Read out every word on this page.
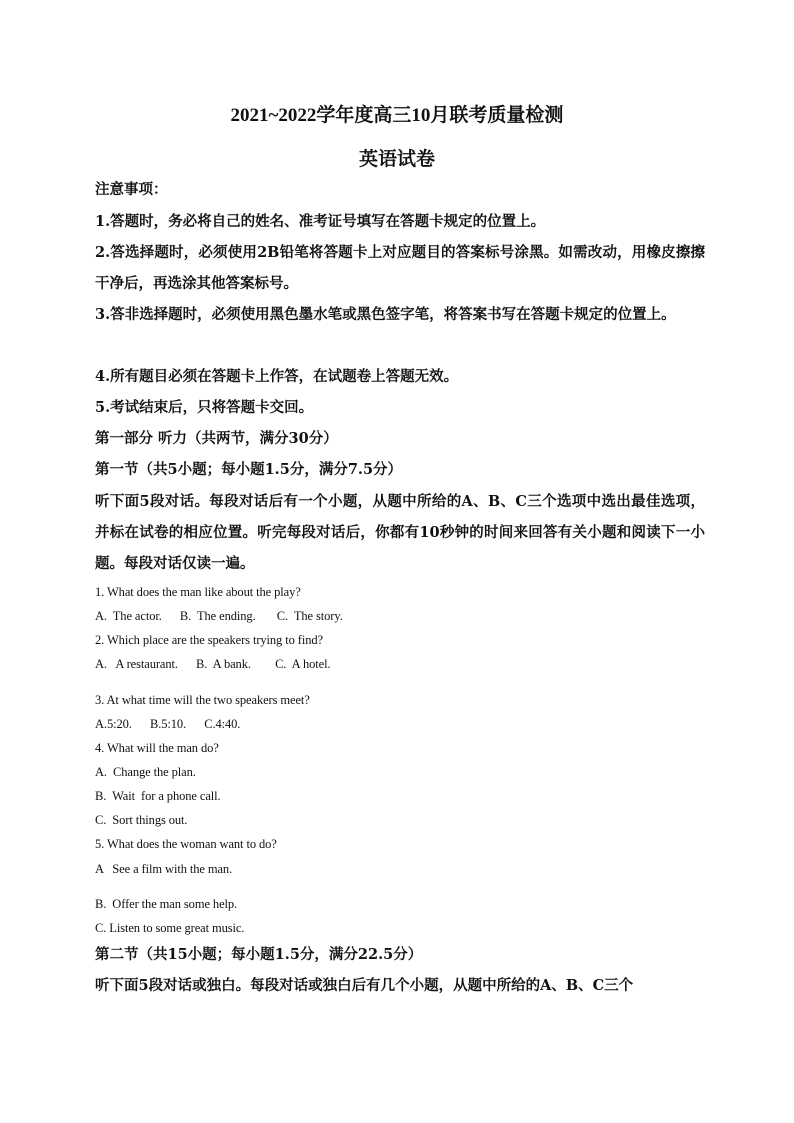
2021~2022学年度高三10月联考质量检测
英语试卷
注意事项：
1.答题时，务必将自己的姓名、准考证号填写在答题卡规定的位置上。
2.答选择题时，必须使用2B铅笔将答题卡上对应题目的答案标号涂黑。如需改动，用橡皮擦擦干净后，再选涂其他答案标号。
3.答非选择题时，必须使用黑色墨水笔或黑色签字笔，将答案书写在答题卡规定的位置上。
4.所有题目必须在答题卡上作答，在试题卷上答题无效。
5.考试结束后，只将答题卡交回。
第一部分 听力（共两节，满分30分）
第一节（共5小题；每小题1.5分，满分7.5分）
听下面5段对话。每段对话后有一个小题，从题中所给的A、B、C三个选项中选出最佳选项，并标在试卷的相应位置。听完每段对话后，你都有10秒钟的时间来回答有关小题和阅读下一小题。每段对话仅读一遍。
1. What does the man like about the play?
A.  The actor.      B.  The ending.       C.  The story.
2. Which place are the speakers trying to find?
A.   A restaurant.      B.  A bank.        C.  A hotel.
3. At what time will the two speakers meet?
A.5:20.      B.5:10.      C.4:40.
4. What will the man do?
A.  Change the plan.
B.  Wait  for a phone call.
C.  Sort things out.
5. What does the woman want to do?
A   See a film with the man.
B.  Offer the man some help.
C. Listen to some great music.
第二节（共15小题；每小题1.5分，满分22.5分）
听下面5段对话或独白。每段对话或独白后有几个小题，从题中所给的A、B、C三个
